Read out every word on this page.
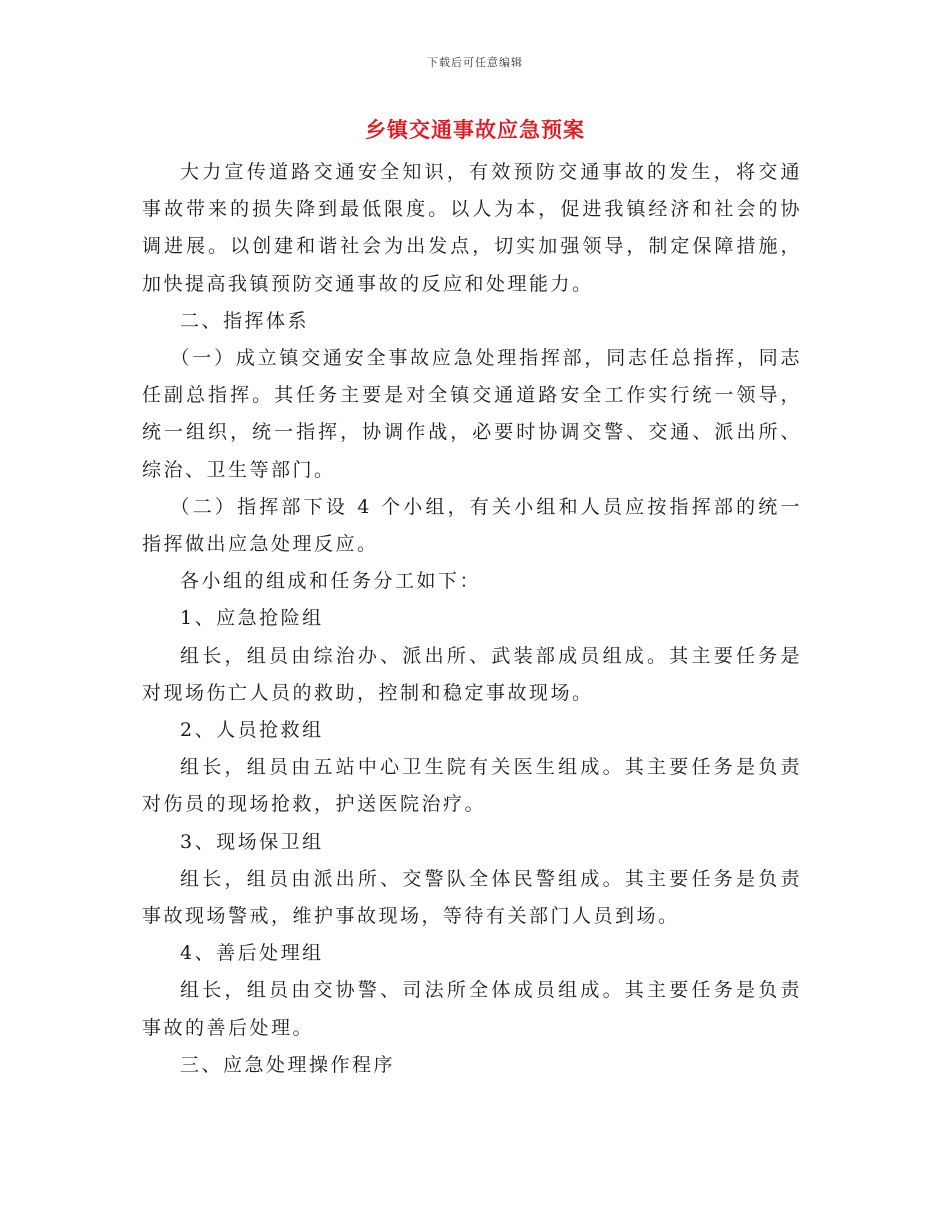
下载后可任意编辑
乡镇交通事故应急预案

大力宣传道路交通安全知识，有效预防交通事故的发生，将交通事故带来的损失降到最低限度。以人为本，促进我镇经济和社会的协调进展。以创建和谐社会为出发点，切实加强领导，制定保障措施，加快提高我镇预防交通事故的反应和处理能力。

二、指挥体系

（一）成立镇交通安全事故应急处理指挥部，同志任总指挥，同志任副总指挥。其任务主要是对全镇交通道路安全工作实行统一领导，统一组织，统一指挥，协调作战，必要时协调交警、交通、派出所、综治、卫生等部门。

（二）指挥部下设 4 个小组，有关小组和人员应按指挥部的统一指挥做出应急处理反应。

各小组的组成和任务分工如下：

1、应急抢险组

组长，组员由综治办、派出所、武装部成员组成。其主要任务是对现场伤亡人员的救助，控制和稳定事故现场。

2、人员抢救组

组长，组员由五站中心卫生院有关医生组成。其主要任务是负责对伤员的现场抢救，护送医院治疗。

3、现场保卫组

组长，组员由派出所、交警队全体民警组成。其主要任务是负责事故现场警戒，维护事故现场，等待有关部门人员到场。

4、善后处理组

组长，组员由交协警、司法所全体成员组成。其主要任务是负责事故的善后处理。

三、应急处理操作程序
